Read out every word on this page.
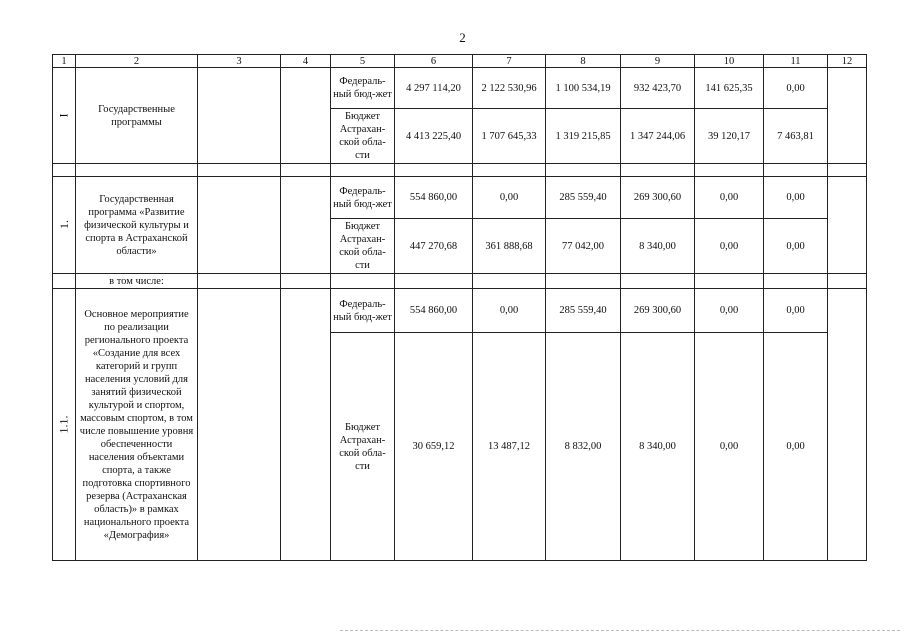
2
1	2	3	4	5	6	7	8	9	10	11	12
I	Государственные программы			Федераль-ный бюд-жет	4 297 114,20	2 122 530,96	1 100 534,19	932 423,70	141 625,35	0,00	
				Бюджет Астрахан-ской обла-сти	4 413 225,40	1 707 645,33	1 319 215,85	1 347 244,06	39 120,17	7 463,81	

1.	Государственная программа «Развитие физической культуры и спорта в Астраханской области»			Федераль-ный бюд-жет	554 860,00	0,00	285 559,40	269 300,60	0,00	0,00	
				Бюджет Астрахан-ской обла-сти	447 270,68	361 888,68	77 042,00	8 340,00	0,00	0,00	
	в том числе:										
1.1.	Основное мероприятие по реализации регионального проекта «Создание для всех категорий и групп населения условий для занятий физической культурой и спортом, массовым спортом, в том числе повышение уровня обеспеченности населения объектами спорта, а также подготовка спортивного резерва (Астраханская область)» в рамках национального проекта «Демография»			Федераль-ный бюд-жет	554 860,00	0,00	285 559,40	269 300,60	0,00	0,00	
				Бюджет Астрахан-ской обла-сти	30 659,12	13 487,12	8 832,00	8 340,00	0,00	0,00	
